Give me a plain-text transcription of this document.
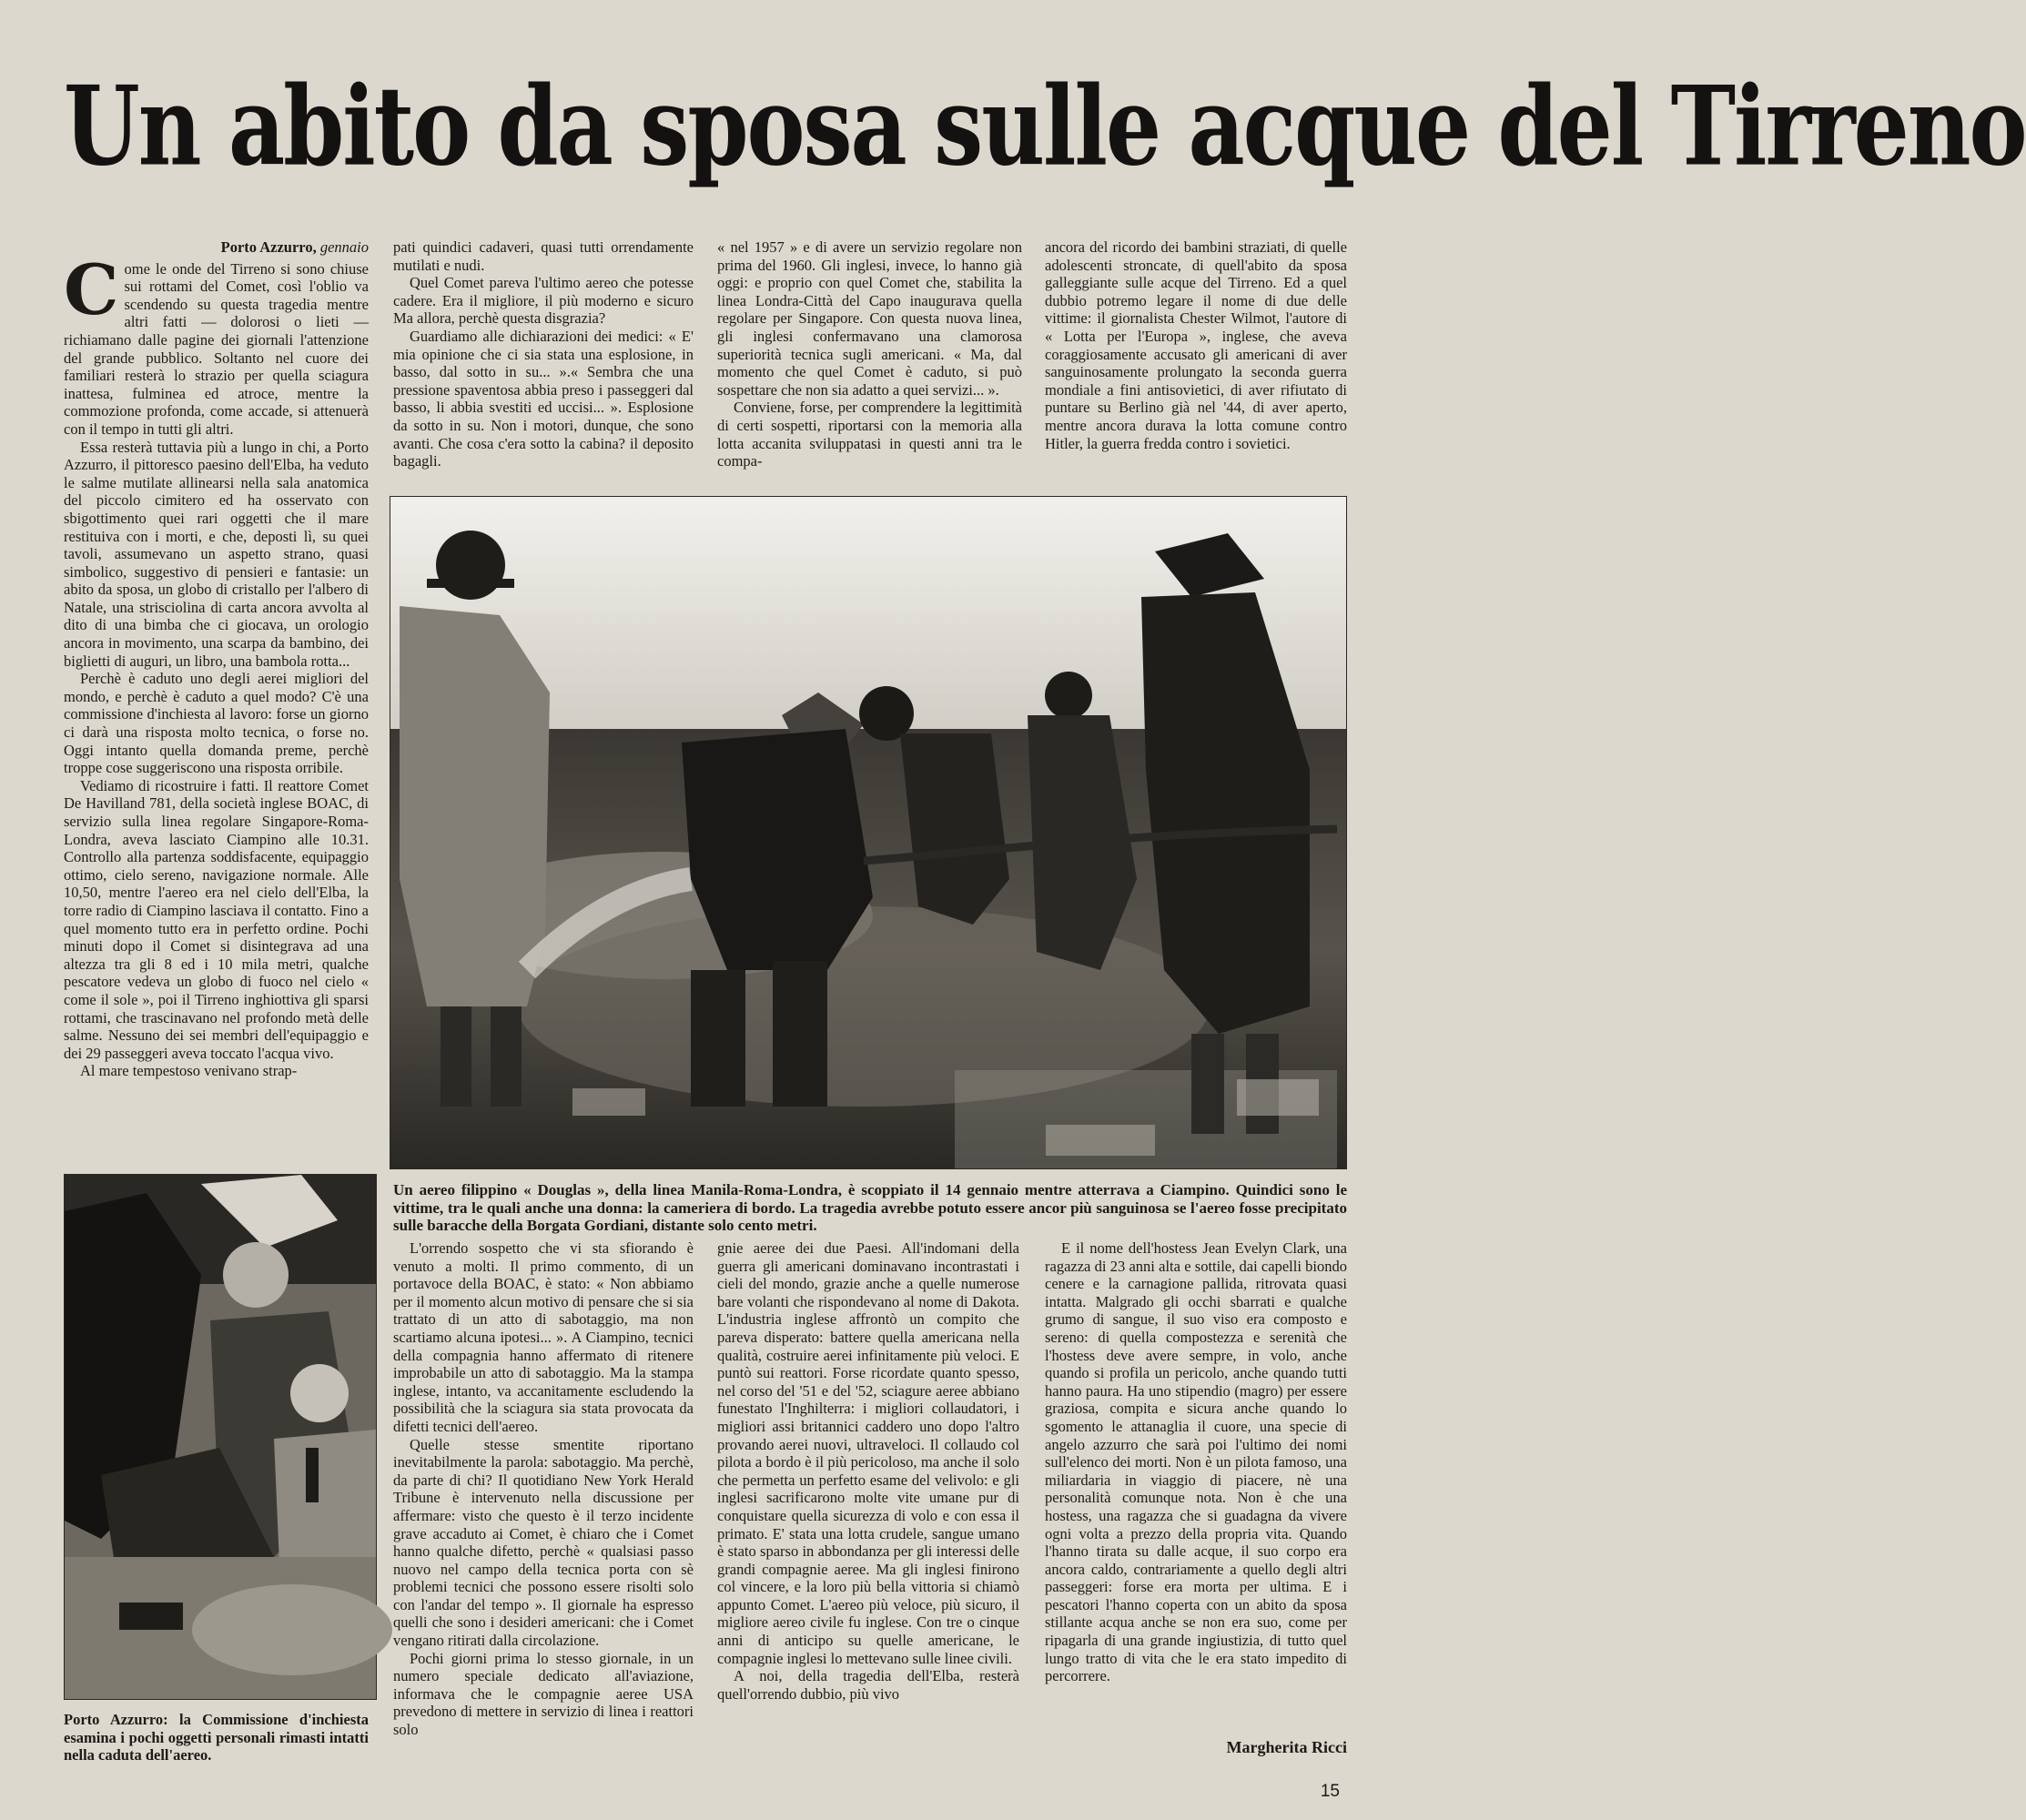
Un abito da sposa sulle acque del Tirreno
Porto Azzurro, gennaio
C ome le onde del Tirreno si sono chiuse sui rottami del Comet, così l'oblio va scendendo su questa tragedia mentre altri fatti — dolorosi o lieti — richiamano dalle pagine dei giornali l'attenzione del grande pubblico. Soltanto nel cuore dei familiari resterà lo strazio per quella sciagura inattesa, fulminea ed atroce, mentre la commozione profonda, come accade, si attenuerà con il tempo in tutti gli altri.

Essa resterà tuttavia più a lungo in chi, a Porto Azzurro, il pittoresco paesino dell'Elba, ha veduto le salme mutilate allinearsi nella sala anatomica del piccolo cimitero ed ha osservato con sbigottimento quei rari oggetti che il mare restituiva con i morti, e che, deposti lì, su quei tavoli, assumevano un aspetto strano, quasi simbolico, suggestivo di pensieri e fantasie: un abito da sposa, un globo di cristallo per l'albero di Natale, una strisciolina di carta ancora avvolta al dito di una bimba che ci giocava, un orologio ancora in movimento, una scarpa da bambino, dei biglietti di auguri, un libro, una bambola rotta...

Perchè è caduto uno degli aerei migliori del mondo, e perchè è caduto a quel modo? C'è una commissione d'inchiesta al lavoro: forse un giorno ci darà una risposta molto tecnica, o forse no. Oggi intanto quella domanda preme, perchè troppe cose suggeriscono una risposta orribile.

Vediamo di ricostruire i fatti. Il reattore Comet De Havilland 781, della società inglese BOAC, di servizio sulla linea regolare Singapore-Roma-Londra, aveva lasciato Ciampino alle 10.31. Controllo alla partenza soddisfacente, equipaggio ottimo, cielo sereno, navigazione normale. Alle 10,50, mentre l'aereo era nel cielo dell'Elba, la torre radio di Ciampino lasciava il contatto. Fino a quel momento tutto era in perfetto ordine. Pochi minuti dopo il Comet si disintegrava ad una altezza tra gli 8 ed i 10 mila metri, qualche pescatore vedeva un globo di fuoco nel cielo « come il sole », poi il Tirreno inghiottiva gli sparsi rottami, che trascinavano nel profondo metà delle salme. Nessuno dei sei membri dell'equipaggio e dei 29 passeggeri aveva toccato l'acqua vivo.

Al mare tempestoso venivano strap-

pati quindici cadaveri, quasi tutti orrendamente mutilati e nudi.

Quel Comet pareva l'ultimo aereo che potesse cadere. Era il migliore, il più moderno e sicuro Ma allora, perchè questa disgrazia?

Guardiamo alle dichiarazioni dei medici: « E' mia opinione che ci sia stata una esplosione, in basso, dal sotto in su... ».« Sembra che una pressione spaventosa abbia preso i passeggeri dal basso, li abbia svestiti ed uccisi... ». Esplosione da sotto in su. Non i motori, dunque, che sono avanti. Che cosa c'era sotto la cabina? il deposito bagagli.

« nel 1957 » e di avere un servizio regolare non prima del 1960. Gli inglesi, invece, lo hanno già oggi: e proprio con quel Comet che, stabilita la linea Londra-Città del Capo inaugurava quella regolare per Singapore. Con questa nuova linea, gli inglesi confermavano una clamorosa superiorità tecnica sugli americani. « Ma, dal momento che quel Comet è caduto, si può sospettare che non sia adatto a quei servizi... ».

Conviene, forse, per comprendere la legittimità di certi sospetti, riportarsi con la memoria alla lotta accanita sviluppatasi in questi anni tra le compa-

ancora del ricordo dei bambini straziati, di quelle adolescenti stroncate, di quell'abito da sposa galleggiante sulle acque del Tirreno. Ed a quel dubbio potremo legare il nome di due delle vittime: il giornalista Chester Wilmot, l'autore di « Lotta per l'Europa », inglese, che aveva coraggiosamente accusato gli americani di aver sanguinosamente prolungato la seconda guerra mondiale a fini antisovietici, di aver rifiutato di puntare su Berlino già nel '44, di aver aperto, mentre ancora durava la lotta comune contro Hitler, la guerra fredda contro i sovietici.

Un aereo filippino « Douglas », della linea Manila-Roma-Londra, è scoppiato il 14 gennaio mentre atterrava a Ciampino. Quindici sono le vittime, tra le quali anche una donna: la cameriera di bordo. La tragedia avrebbe potuto essere ancor più sanguinosa se l'aereo fosse precipitato sulle baracche della Borgata Gordiani, distante solo cento metri.
Porto Azzurro: la Commissione d'inchiesta esamina i pochi oggetti personali rimasti intatti nella caduta dell'aereo.

L'orrendo sospetto che vi sta sfiorando è venuto a molti. Il primo commento, di un portavoce della BOAC, è stato: « Non abbiamo per il momento alcun motivo di pensare che si sia trattato di un atto di sabotaggio, ma non scartiamo alcuna ipotesi... ». A Ciampino, tecnici della compagnia hanno affermato di ritenere improbabile un atto di sabotaggio. Ma la stampa inglese, intanto, va accanitamente escludendo la possibilità che la sciagura sia stata provocata da difetti tecnici dell'aereo.

Quelle stesse smentite riportano inevitabilmente la parola: sabotaggio. Ma perchè, da parte di chi? Il quotidiano New York Herald Tribune è intervenuto nella discussione per affermare: visto che questo è il terzo incidente grave accaduto ai Comet, è chiaro che i Comet hanno qualche difetto, perchè « qualsiasi passo nuovo nel campo della tecnica porta con sè problemi tecnici che possono essere risolti solo con l'andar del tempo ». Il giornale ha espresso quelli che sono i desideri americani: che i Comet vengano ritirati dalla circolazione.

Pochi giorni prima lo stesso giornale, in un numero speciale dedicato all'aviazione, informava che le compagnie aeree USA prevedono di mettere in servizio di linea i reattori solo

gnie aeree dei due Paesi. All'indomani della guerra gli americani dominavano incontrastati i cieli del mondo, grazie anche a quelle numerose bare volanti che rispondevano al nome di Dakota. L'industria inglese affrontò un compito che pareva disperato: battere quella americana nella qualità, costruire aerei infinitamente più veloci. E puntò sui reattori. Forse ricordate quanto spesso, nel corso del '51 e del '52, sciagure aeree abbiano funestato l'Inghilterra: i migliori collaudatori, i migliori assi britannici caddero uno dopo l'altro provando aerei nuovi, ultraveloci. Il collaudo col pilota a bordo è il più pericoloso, ma anche il solo che permetta un perfetto esame del velivolo: e gli inglesi sacrificarono molte vite umane pur di conquistare quella sicurezza di volo e con essa il primato. E' stata una lotta crudele, sangue umano è stato sparso in abbondanza per gli interessi delle grandi compagnie aeree. Ma gli inglesi finirono col vincere, e la loro più bella vittoria si chiamò appunto Comet. L'aereo più veloce, più sicuro, il migliore aereo civile fu inglese. Con tre o cinque anni di anticipo su quelle americane, le compagnie inglesi lo mettevano sulle linee civili.

A noi, della tragedia dell'Elba, resterà quell'orrendo dubbio, più vivo

E il nome dell'hostess Jean Evelyn Clark, una ragazza di 23 anni alta e sottile, dai capelli biondo cenere e la carnagione pallida, ritrovata quasi intatta. Malgrado gli occhi sbarrati e qualche grumo di sangue, il suo viso era composto e sereno: di quella compostezza e serenità che l'hostess deve avere sempre, in volo, anche quando si profila un pericolo, anche quando tutti hanno paura. Ha uno stipendio (magro) per essere graziosa, compita e sicura anche quando lo sgomento le attanaglia il cuore, una specie di angelo azzurro che sarà poi l'ultimo dei nomi sull'elenco dei morti. Non è un pilota famoso, una miliardaria in viaggio di piacere, nè una personalità comunque nota. Non è che una hostess, una ragazza che si guadagna da vivere ogni volta a prezzo della propria vita. Quando l'hanno tirata su dalle acque, il suo corpo era ancora caldo, contrariamente a quello degli altri passeggeri: forse era morta per ultima. E i pescatori l'hanno coperta con un abito da sposa stillante acqua anche se non era suo, come per ripagarla di una grande ingiustizia, di tutto quel lungo tratto di vita che le era stato impedito di percorrere.

Margherita Ricci
15
